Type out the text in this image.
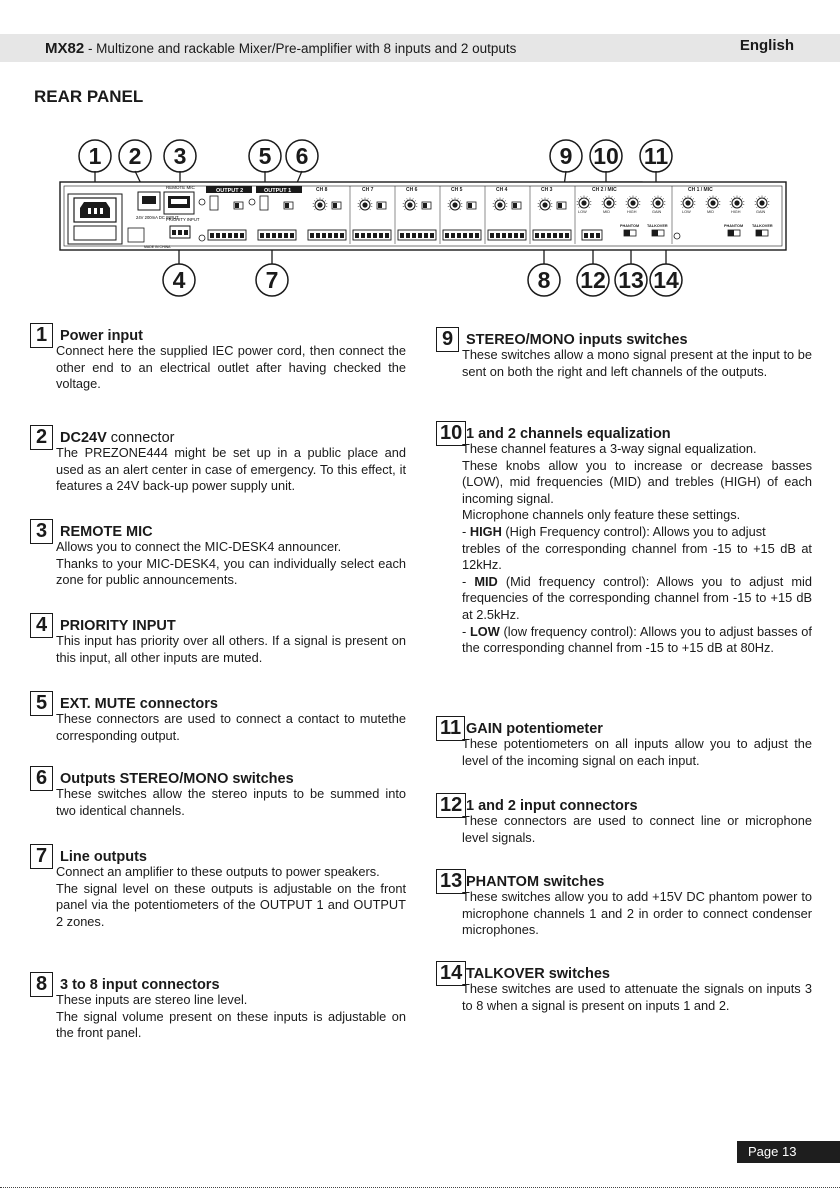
MX82 - Multizone and rackable Mixer/Pre-amplifier with 8 inputs and 2 outputs	English
REAR PANEL
1 2 3	5 6	9 10 11
4	7	8 12 13 14
24V 200mA DC INPUT
REMOTE MIC
PRIORITY INPUT
MADE IN CHINA
OUTPUT 2	OUTPUT 1	CH 8	CH 7	CH 6	CH 5	CH 4	CH 3	CH 2 / MIC	CH 1 / MIC
LOW	MID	HIGH	GAIN	LOW	MID	HIGH	GAIN
PHANTOM TALKOVER	PHANTOM TALKOVER
1 Power input

Connect here the supplied IEC power cord, then connect the other end to an electrical outlet after having checked the voltage.

2 DC24V connector

The PREZONE444 might be set up in a public place and used as an alert center in case of emergency. To this effect, it features a 24V back-up power supply unit.

3 REMOTE MIC

Allows you to connect the MIC-DESK4 announcer.

Thanks to your MIC-DESK4, you can individually select each zone for public announcements.

4 PRIORITY INPUT

This input has priority over all others. If a signal is present on this input, all other inputs are muted.

5 EXT. MUTE connectors

These connectors are used to connect a contact to mutethe corresponding output.

6 Outputs STEREO/MONO switches

These switches allow the stereo inputs to be summed into two identical channels.

7 Line outputs

Connect an amplifier to these outputs to power speakers.

The signal level on these outputs is adjustable on the front panel via the potentiometers of the OUTPUT 1 and OUTPUT 2 zones.

8 3 to 8 input connectors

These inputs are stereo line level.

The signal volume present on these inputs is adjustable on the front panel.

9 STEREO/MONO inputs switches

These switches allow a mono signal present at the input to be sent on both the right and left channels of the outputs.

10 1 and 2 channels equalization

These channel features a 3-way signal equalization.

These knobs allow you to increase or decrease basses (LOW), mid frequencies (MID) and trebles (HIGH) of each incoming signal.

Microphone channels only feature these settings.

- HIGH (High Frequency control): Allows you to adjust

trebles of the corresponding channel from -15 to +15 dB at 12kHz.

- MID (Mid frequency control): Allows you to adjust mid frequencies of the corresponding channel from -15 to +15 dB at 2.5kHz.

- LOW (low frequency control): Allows you to adjust basses of the corresponding channel from -15 to +15 dB at 80Hz.

11 GAIN potentiometer

These potentiometers on all inputs allow you to adjust the level of the incoming signal on each input.

12 1 and 2 input connectors

These connectors are used to connect line or microphone level signals.

13 PHANTOM switches

These switches allow you to add +15V DC phantom power to microphone channels 1 and 2 in order to connect condenser microphones.

14 TALKOVER switches

These switches are used to attenuate the signals on inputs 3 to 8 when a signal is present on inputs 1 and 2.

Page 13
